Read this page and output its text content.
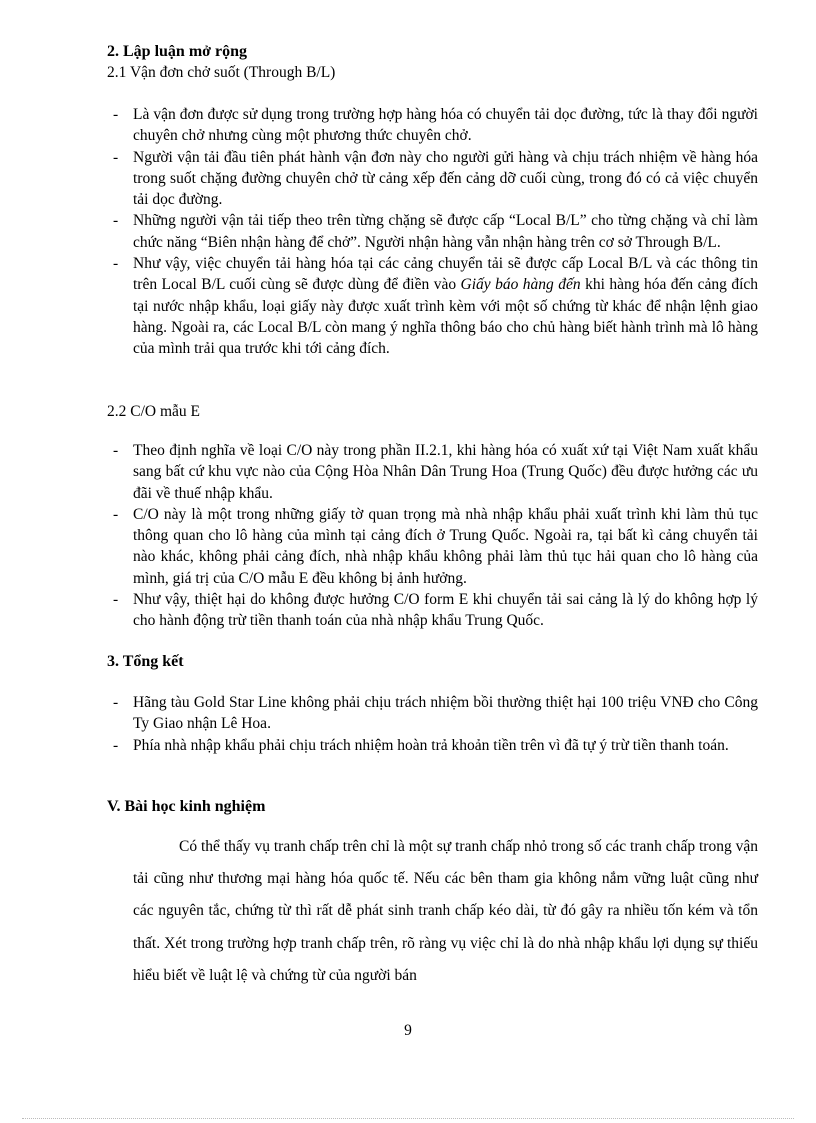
2. Lập luận mở rộng
2.1 Vận đơn chở suốt (Through B/L)
- Là vận đơn được sử dụng trong trường hợp hàng hóa có chuyển tải dọc đường, tức là thay đổi người chuyên chở nhưng cùng một phương thức chuyên chở.
- Người vận tải đầu tiên phát hành vận đơn này cho người gửi hàng và chịu trách nhiệm về hàng hóa trong suốt chặng đường chuyên chở từ cảng xếp đến cảng dỡ cuối cùng, trong đó có cả việc chuyển tải dọc đường.
- Những người vận tải tiếp theo trên từng chặng sẽ được cấp “Local B/L” cho từng chặng và chỉ làm chức năng “Biên nhận hàng để chở”. Người nhận hàng vẫn nhận hàng trên cơ sở Through B/L.
- Như vậy, việc chuyển tải hàng hóa tại các cảng chuyển tải sẽ được cấp Local B/L và các thông tin trên Local B/L cuối cùng sẽ được dùng để điền vào Giấy báo hàng đến khi hàng hóa đến cảng đích tại nước nhập khẩu, loại giấy này được xuất trình kèm với một số chứng từ khác để nhận lệnh giao hàng. Ngoài ra, các Local B/L còn mang ý nghĩa thông báo cho chủ hàng biết hành trình mà lô hàng của mình trải qua trước khi tới cảng đích.
2.2 C/O mẫu E
- Theo định nghĩa về loại C/O này trong phần II.2.1, khi hàng hóa có xuất xứ tại Việt Nam xuất khẩu sang bất cứ khu vực nào của Cộng Hòa Nhân Dân Trung Hoa (Trung Quốc) đều được hưởng các ưu đãi về thuế nhập khẩu.
- C/O này là một trong những giấy tờ quan trọng mà nhà nhập khẩu phải xuất trình khi làm thủ tục thông quan cho lô hàng của mình tại cảng đích ở Trung Quốc. Ngoài ra, tại bất kì cảng chuyển tải nào khác, không phải cảng đích, nhà nhập khẩu không phải làm thủ tục hải quan cho lô hàng của mình, giá trị của C/O mẫu E đều không bị ảnh hưởng.
- Như vậy, thiệt hại do không được hưởng C/O form E khi chuyển tải sai cảng là lý do không hợp lý cho hành động trừ tiền thanh toán của nhà nhập khẩu Trung Quốc.
3. Tổng kết
- Hãng tàu Gold Star Line không phải chịu trách nhiệm bồi thường thiệt hại 100 triệu VNĐ cho Công Ty Giao nhận Lê Hoa.
- Phía nhà nhập khẩu phải chịu trách nhiệm hoàn trả khoản tiền trên vì đã tự ý trừ tiền thanh toán.
V. Bài học kinh nghiệm

Có thể thấy vụ tranh chấp trên chỉ là một sự tranh chấp nhỏ trong số các tranh chấp trong vận tải cũng như thương mại hàng hóa quốc tế. Nếu các bên tham gia không nắm vững luật cũng như các nguyên tắc, chứng từ thì rất dễ phát sinh tranh chấp kéo dài, từ đó gây ra nhiều tốn kém và tổn thất. Xét trong trường hợp tranh chấp trên, rõ ràng vụ việc chỉ là do nhà nhập khẩu lợi dụng sự thiếu hiểu biết về luật lệ và chứng từ của người bán

9
